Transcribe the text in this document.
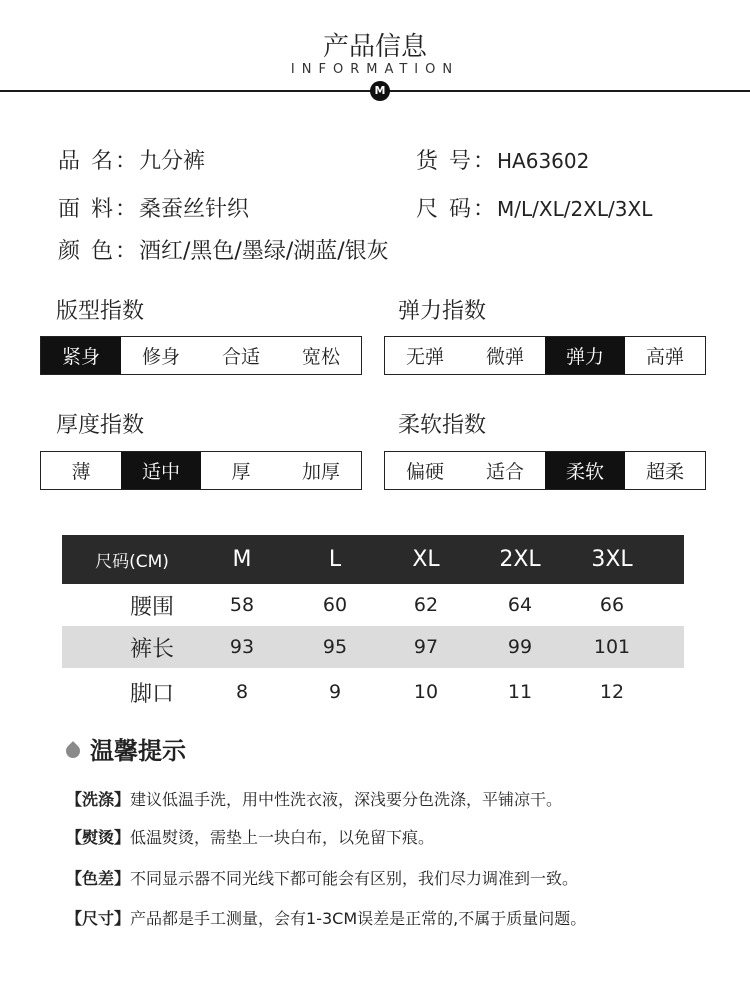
产品信息
INFORMATION
M
品 名：九分裤	货 号：HA63602
面 料：桑蚕丝针织	尺 码：M/L/XL/2XL/3XL
颜 色：酒红/黑色/墨绿/湖蓝/银灰
版型指数
紧身	修身	合适	宽松
弹力指数
无弹	微弹	弹力	高弹
厚度指数
薄	适中	厚	加厚
柔软指数
偏硬	适合	柔软	超柔
尺码(CM)	M	L	XL	2XL	3XL
腰围	58	60	62	64	66
裤长	93	95	97	99	101
脚口	8	9	10	11	12
温馨提示
【洗涤】建议低温手洗，用中性洗衣液，深浅要分色洗涤，平铺凉干。
【熨烫】低温熨烫，需垫上一块白布，以免留下痕。
【色差】不同显示器不同光线下都可能会有区别，我们尽力调准到一致。
【尺寸】产品都是手工测量，会有1-3CM误差是正常的,不属于质量问题。
